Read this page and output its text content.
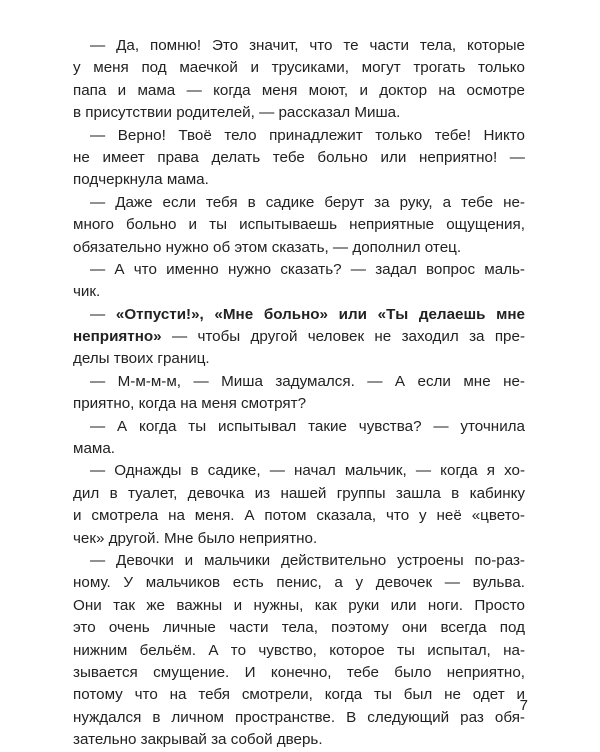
— Да, помню! Это значит, что те части тела, которые
у меня под маечкой и трусиками, могут трогать только
папа и мама — когда меня моют, и доктор на осмотре
в присутствии родителей, — рассказал Миша.
— Верно! Твоё тело принадлежит только тебе! Никто
не имеет права делать тебе больно или неприятно! —
подчеркнула мама.
— Даже если тебя в садике берут за руку, а тебе не-
много больно и ты испытываешь неприятные ощущения,
обязательно нужно об этом сказать, — дополнил отец.
— А что именно нужно сказать? — задал вопрос маль-
чик.
— «Отпусти!», «Мне больно» или «Ты делаешь мне
неприятно» — чтобы другой человек не заходил за пре-
делы твоих границ.
— М-м-м-м, — Миша задумался. — А если мне не-
приятно, когда на меня смотрят?
— А когда ты испытывал такие чувства? — уточнила
мама.
— Однажды в садике, — начал мальчик, — когда я хо-
дил в туалет, девочка из нашей группы зашла в кабинку
и смотрела на меня. А потом сказала, что у неё «цвето-
чек» другой. Мне было неприятно.
— Девочки и мальчики действительно устроены по-раз-
ному. У мальчиков есть пенис, а у девочек — вульва.
Они так же важны и нужны, как руки или ноги. Просто
это очень личные части тела, поэтому они всегда под
нижним бельём. А то чувство, которое ты испытал, на-
зывается смущение. И конечно, тебе было неприятно,
потому что на тебя смотрели, когда ты был не одет и
нуждался в личном пространстве. В следующий раз обя-
зательно закрывай за собой дверь.
7
